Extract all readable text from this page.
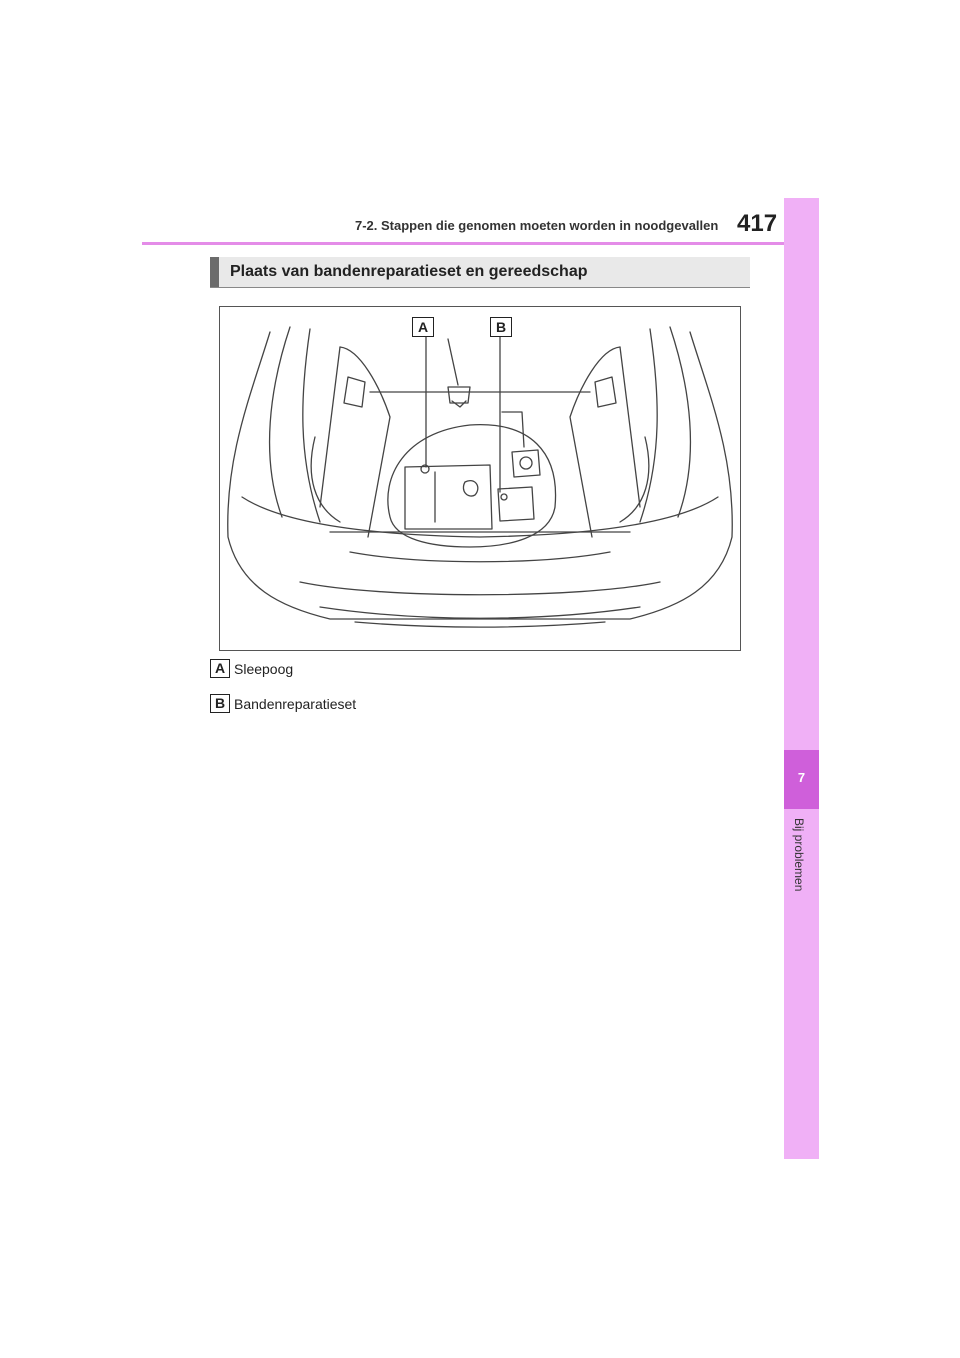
7-2. Stappen die genomen moeten worden in noodgevallen 417
7
Bij problemen
Plaats van bandenreparatieset en gereedschap
A	B
A Sleepoog
B Bandenreparatieset
